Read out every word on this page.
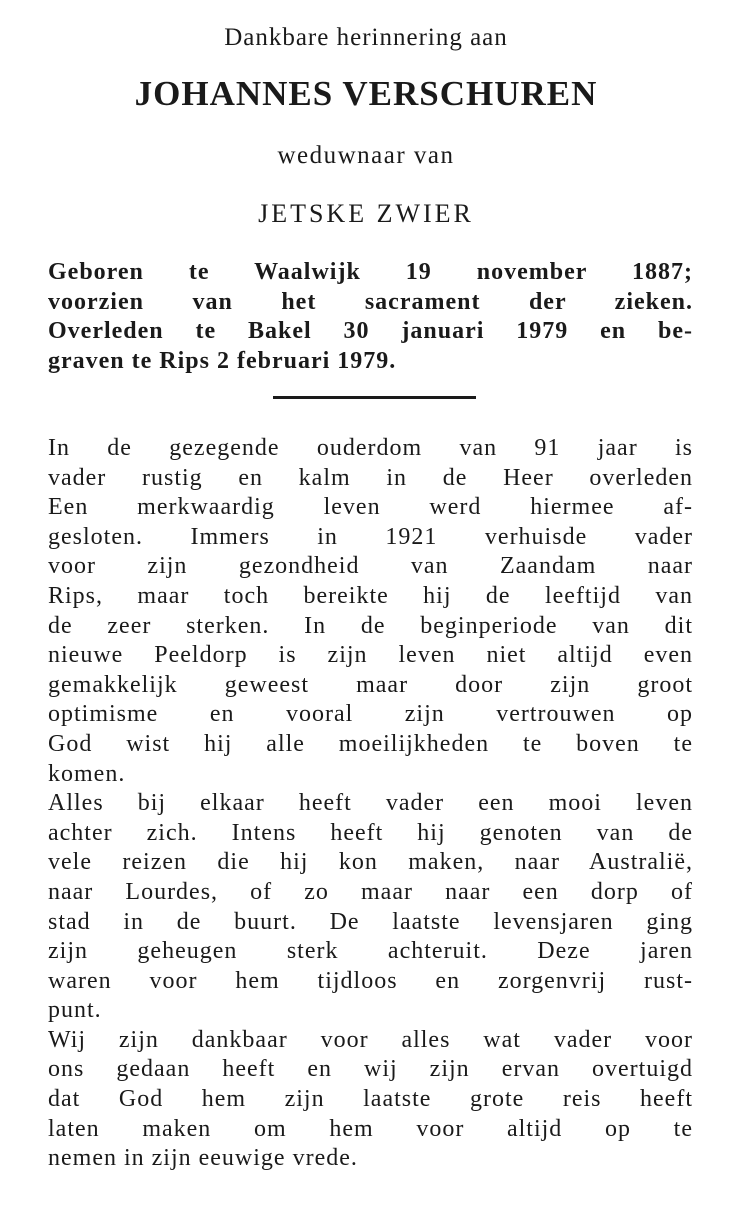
Dankbare herinnering aan
JOHANNES VERSCHUREN
weduwnaar van
JETSKE ZWIER
Geboren te Waalwijk 19 november 1887;
voorzien van het sacrament der zieken.
Overleden te Bakel 30 januari 1979 en be-
graven te Rips 2 februari 1979.
In de gezegende ouderdom van 91 jaar is
vader rustig en kalm in de Heer overleden
Een merkwaardig leven werd hiermee af-
gesloten. Immers in 1921 verhuisde vader
voor zijn gezondheid van Zaandam naar
Rips, maar toch bereikte hij de leeftijd van
de zeer sterken. In de beginperiode van dit
nieuwe Peeldorp is zijn leven niet altijd even
gemakkelijk geweest maar door zijn groot
optimisme en vooral zijn vertrouwen op
God wist hij alle moeilijkheden te boven te
komen.
Alles bij elkaar heeft vader een mooi leven
achter zich. Intens heeft hij genoten van de
vele reizen die hij kon maken, naar Australië,
naar Lourdes, of zo maar naar een dorp of
stad in de buurt. De laatste levensjaren ging
zijn geheugen sterk achteruit. Deze jaren
waren voor hem tijdloos en zorgenvrij rust-
punt.
Wij zijn dankbaar voor alles wat vader voor
ons gedaan heeft en wij zijn ervan overtuigd
dat God hem zijn laatste grote reis heeft
laten maken om hem voor altijd op te
nemen in zijn eeuwige vrede.
